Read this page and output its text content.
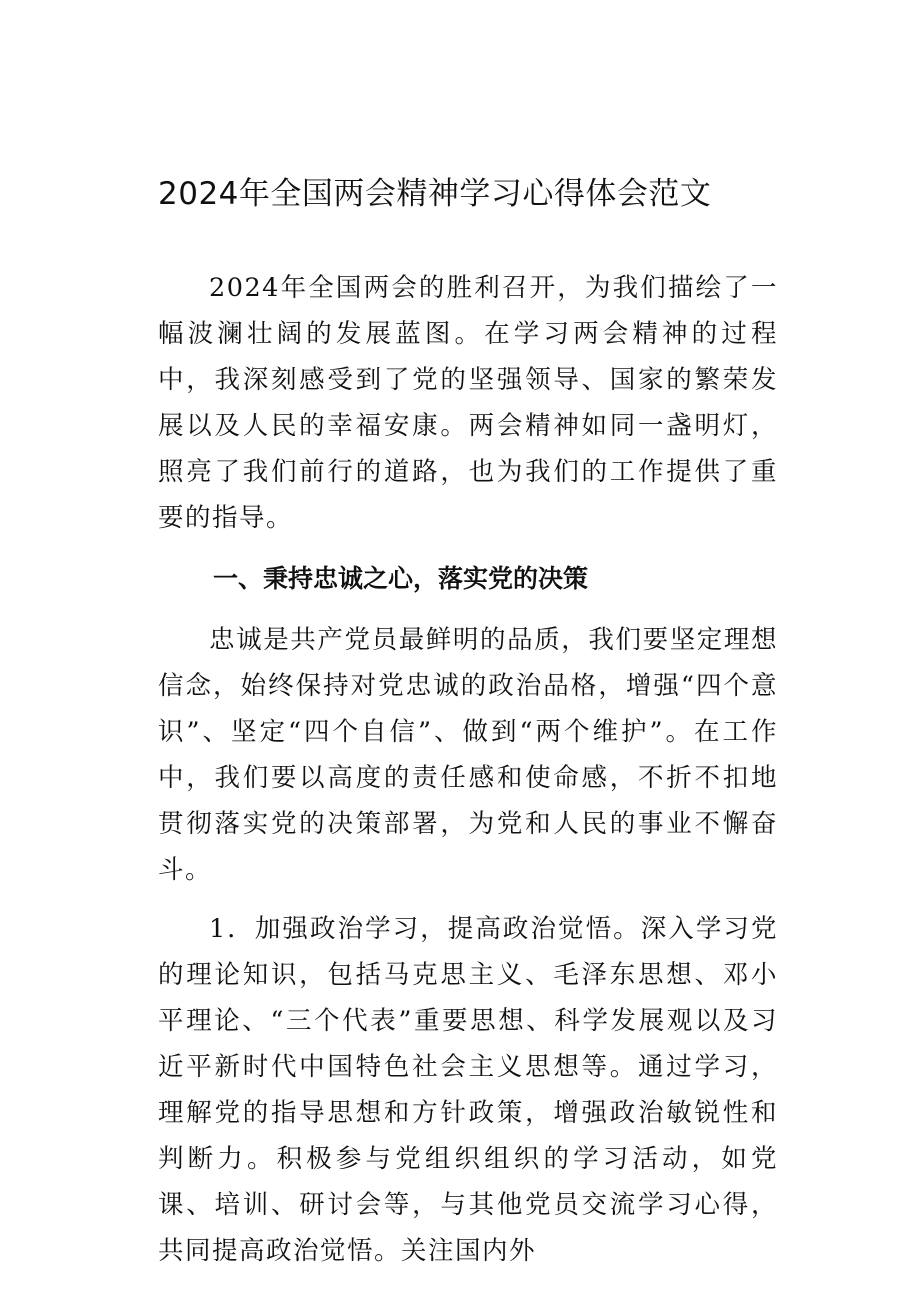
2024年全国两会精神学习心得体会范文

2024年全国两会的胜利召开，为我们描绘了一幅波澜壮阔的发展蓝图。在学习两会精神的过程中，我深刻感受到了党的坚强领导、国家的繁荣发展以及人民的幸福安康。两会精神如同一盏明灯，照亮了我们前行的道路，也为我们的工作提供了重要的指导。

一、秉持忠诚之心，落实党的决策

忠诚是共产党员最鲜明的品质，我们要坚定理想信念，始终保持对党忠诚的政治品格，增强“四个意识”、坚定“四个自信”、做到“两个维护”。在工作中，我们要以高度的责任感和使命感，不折不扣地贯彻落实党的决策部署，为党和人民的事业不懈奋斗。

1．加强政治学习，提高政治觉悟。深入学习党的理论知识，包括马克思主义、毛泽东思想、邓小平理论、“三个代表”重要思想、科学发展观以及习近平新时代中国特色社会主义思想等。通过学习，理解党的指导思想和方针政策，增强政治敏锐性和判断力。积极参与党组织组织的学习活动，如党课、培训、研讨会等，与其他党员交流学习心得，共同提高政治觉悟。关注国内外
